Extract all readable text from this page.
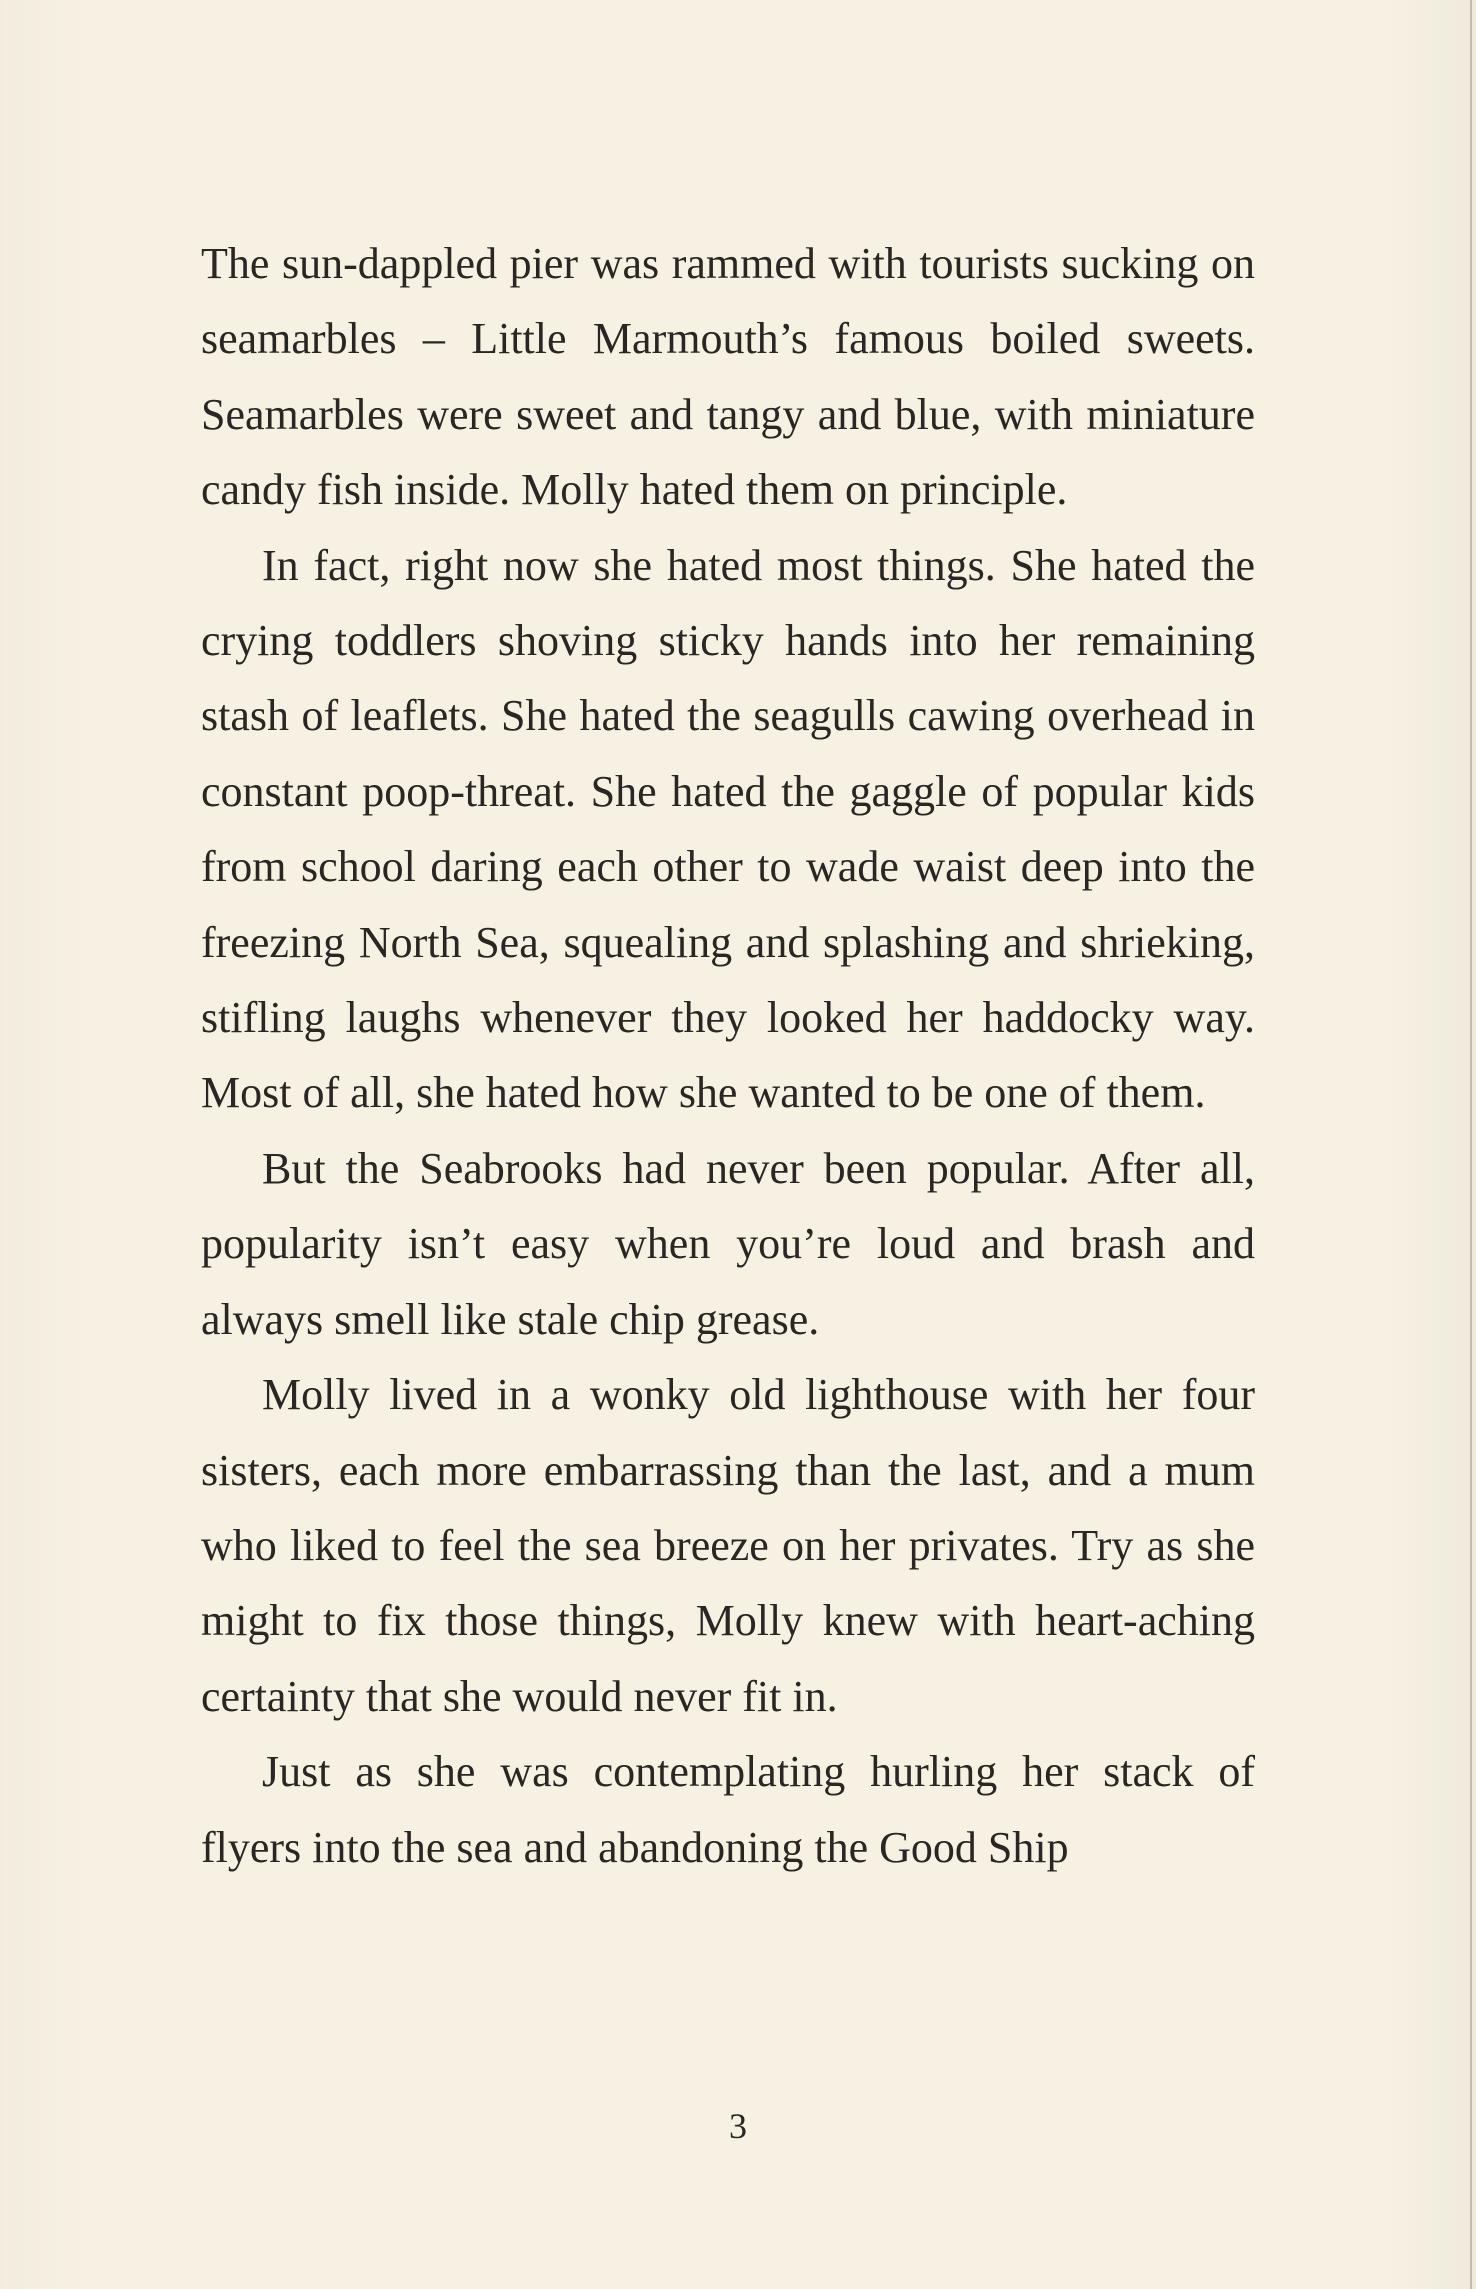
The sun-dappled pier was rammed with tourists sucking on seamarbles – Little Marmouth’s famous boiled sweets. Seamarbles were sweet and tangy and blue, with miniature candy fish inside. Molly hated them on principle.

In fact, right now she hated most things. She hated the crying toddlers shoving sticky hands into her remaining stash of leaflets. She hated the seagulls cawing overhead in constant poop-threat. She hated the gaggle of popular kids from school daring each other to wade waist deep into the freezing North Sea, squealing and splashing and shrieking, stifling laughs whenever they looked her haddocky way. Most of all, she hated how she wanted to be one of them.

But the Seabrooks had never been popular. After all, popularity isn’t easy when you’re loud and brash and always smell like stale chip grease.

Molly lived in a wonky old lighthouse with her four sisters, each more embarrassing than the last, and a mum who liked to feel the sea breeze on her privates. Try as she might to fix those things, Molly knew with heart-aching certainty that she would never fit in.

Just as she was contemplating hurling her stack of flyers into the sea and abandoning the Good Ship

3
